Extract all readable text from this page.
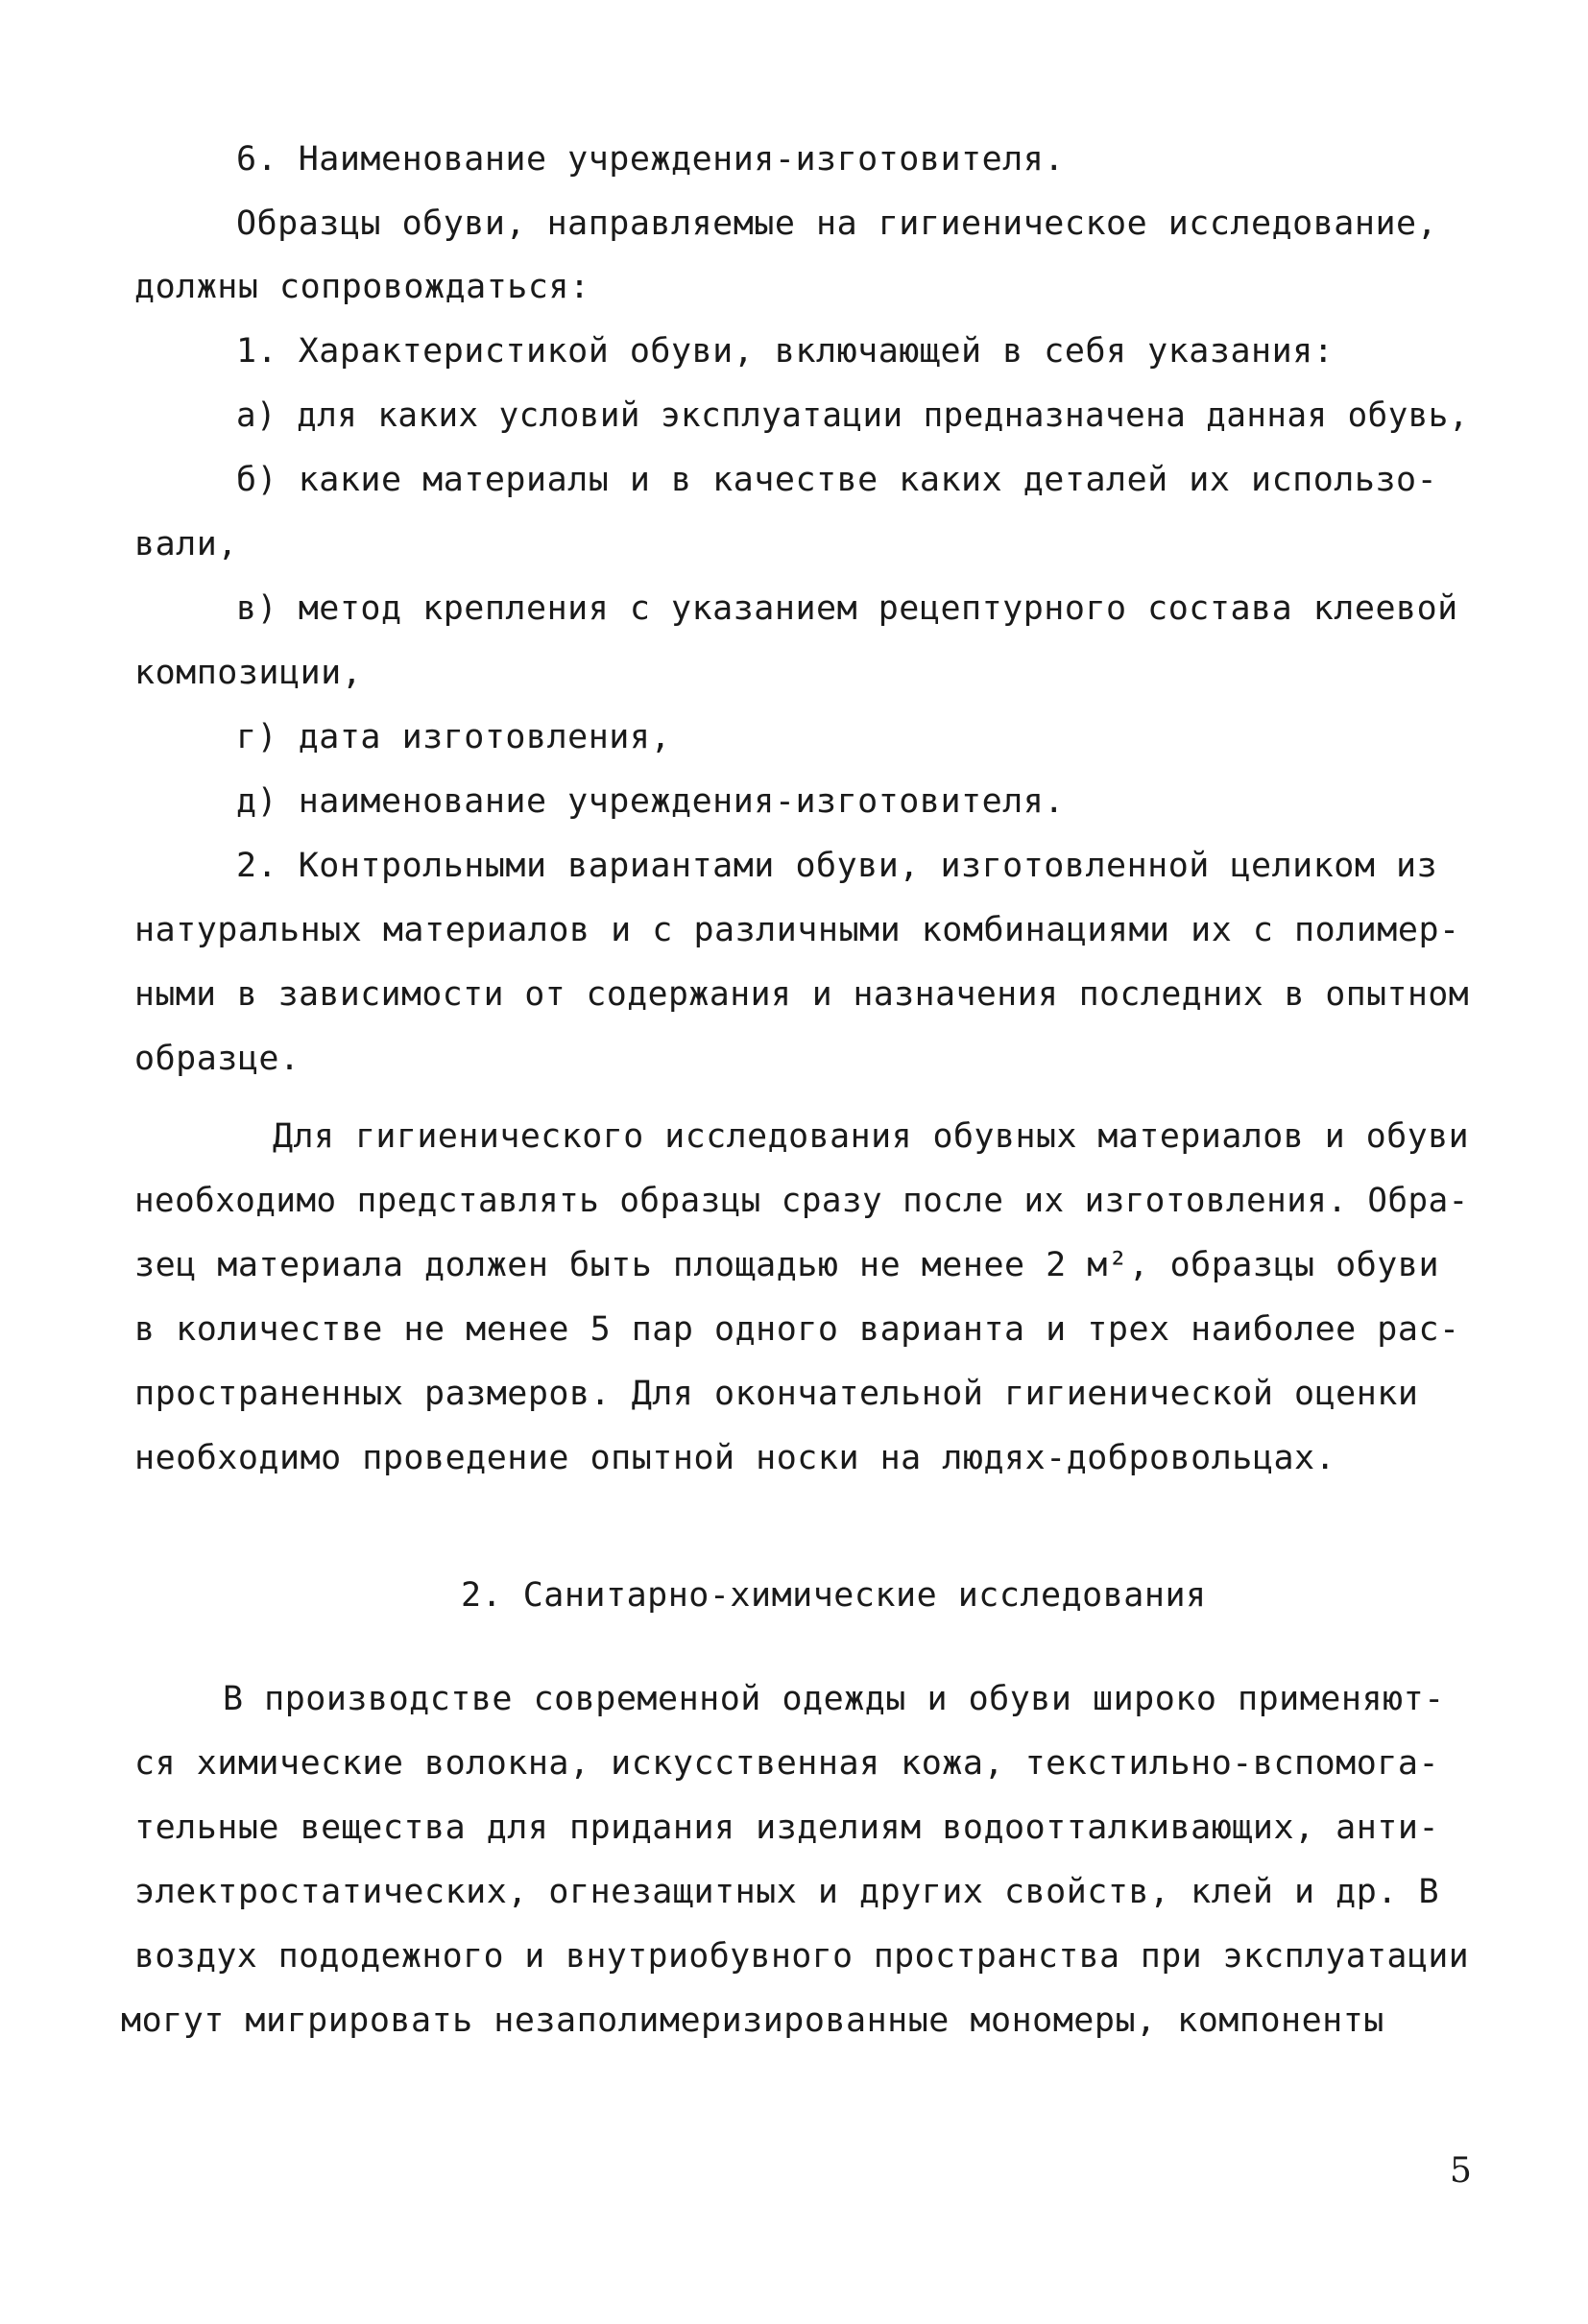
6. Наименование учреждения-изготовителя.
Образцы обуви, направляемые на гигиеническое исследование,
должны сопровождаться:
1. Характеристикой обуви, включающей в себя указания:
а) для каких условий эксплуатации предназначена данная обувь,
б) какие материалы и в качестве каких деталей их использо-
вали,
в) метод крепления с указанием рецептурного состава клеевой
композиции,
г) дата изготовления,
д) наименование учреждения-изготовителя.
2. Контрольными вариантами обуви, изготовленной целиком из
натуральных материалов и с различными комбинациями их с полимер-
ными в зависимости от содержания и назначения последних в опытном
образце.
Для гигиенического исследования обувных материалов и обуви
необходимо представлять образцы сразу после их изготовления. Обра-
зец материала должен быть площадью не менее 2 м², образцы обуви
в количестве не менее 5 пар одного варианта и трех наиболее рас-
пространенных размеров. Для окончательной гигиенической оценки
необходимо проведение опытной носки на людях-добровольцах.
2. Санитарно-химические исследования
В производстве современной одежды и обуви широко применяют-
ся химические волокна, искусственная кожа, текстильно-вспомога-
тельные вещества для придания изделиям водоотталкивающих, анти-
электростатических, огнезащитных и других свойств, клей и др. В
воздух пододежного и внутриобувного пространства при эксплуатации
могут мигрировать незаполимеризированные мономеры, компоненты
5
